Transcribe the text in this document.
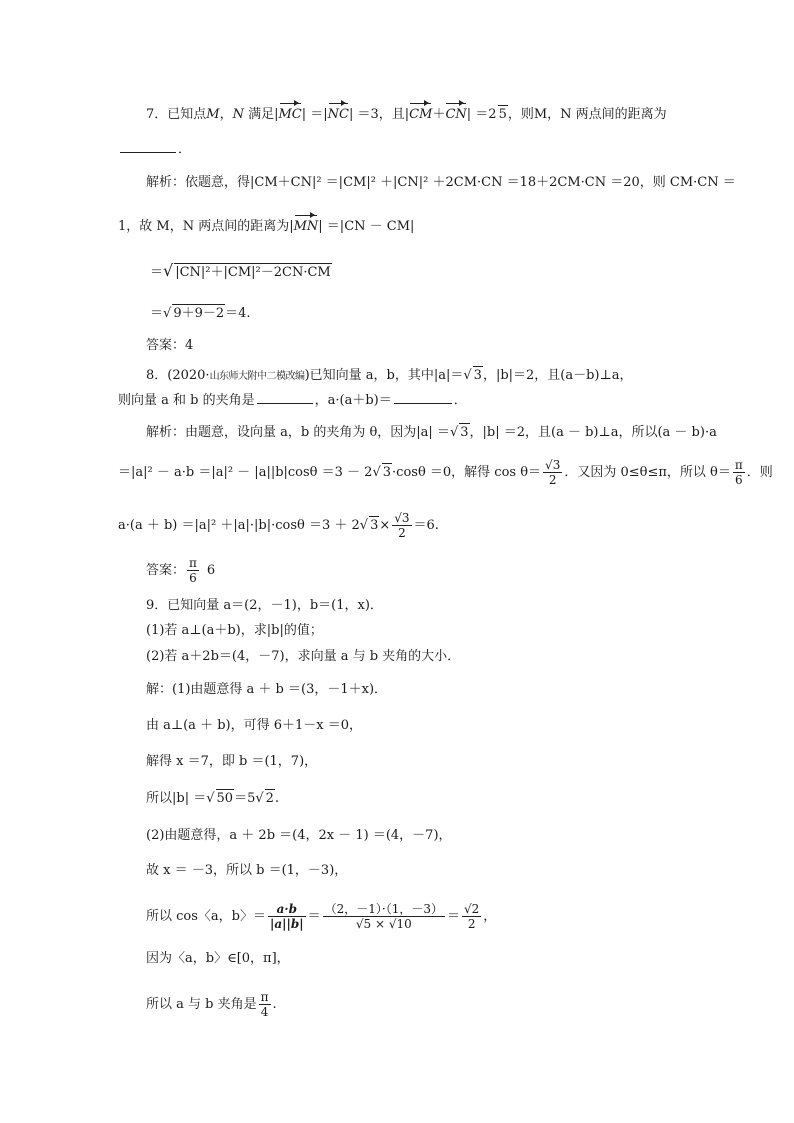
7．已知点M，N 满足|MC| ＝|NC| ＝3，且|CM＋CN| ＝2 5，则M，N 两点间的距离为
．
解析：依题意，得|CM＋CN|² ＝|CM|² ＋|CN|² ＋2CM·CN ＝18＋2CM·CN ＝20，则 CM·CN ＝
1，故 M，N 两点间的距离为|MN| ＝|CN － CM|
＝√ |CN|²＋|CM|²－2CN·CM
＝√ 9＋9－2＝4.
答案：4
8．(2020·山东师大附中二模改编)已知向量 a，b，其中|a|＝√ 3，|b|＝2，且(a－b)⊥a，
则向量 a 和 b 的夹角是	，a·(a＋b)＝	．
解析：由题意，设向量 a，b 的夹角为 θ，因为|a| ＝√ 3，|b| ＝2，且(a － b)⊥a，所以(a － b)·a
＝|a|² － a·b ＝|a|² － |a||b|cosθ ＝3 － 2√ 3·cosθ ＝0，解得 $\cos \theta= \frac{√3}{2}$ ．又因为 0≤θ≤π，所以 $\theta= \frac{\pi}{6}$ ．则
a·(a ＋ b) ＝|a|² ＋|a|·|b|·cosθ ＝3 ＋ 2√ $3\times \frac{√3}{2} =6$.
答案： $\frac{\pi}{6} 6$
9．已知向量 a＝(2，－1)，b＝(1，x)．
(1)若 a⊥(a＋b)，求|b|的值；
(2)若 a＋2b＝(4，－7)，求向量 a 与 b 夹角的大小．
解：(1)由题意得 a ＋ b ＝(3，－1＋x)．
由 a⊥(a ＋ b)，可得 6＋1－x ＝0，
解得 x ＝7，即 b ＝(1，7)，
所以|b| ＝√ 50＝5√ 2.
(2)由题意得，a ＋ 2b ＝(4，2x － 1) ＝(4，－7)，
故 x ＝ －3，所以 b ＝(1，－3)，
所以 cos〈a，b〉＝ $\frac{a\cdot b}{|a||b|} = \frac{(2,-1)\cdot(1,-3)}{√5 \times √10} = \frac{√2}{2}$ ，
因为〈a，b〉∈[0，π]，
所以 a 与 b 夹角是 $\frac{\pi}{4}$ .
